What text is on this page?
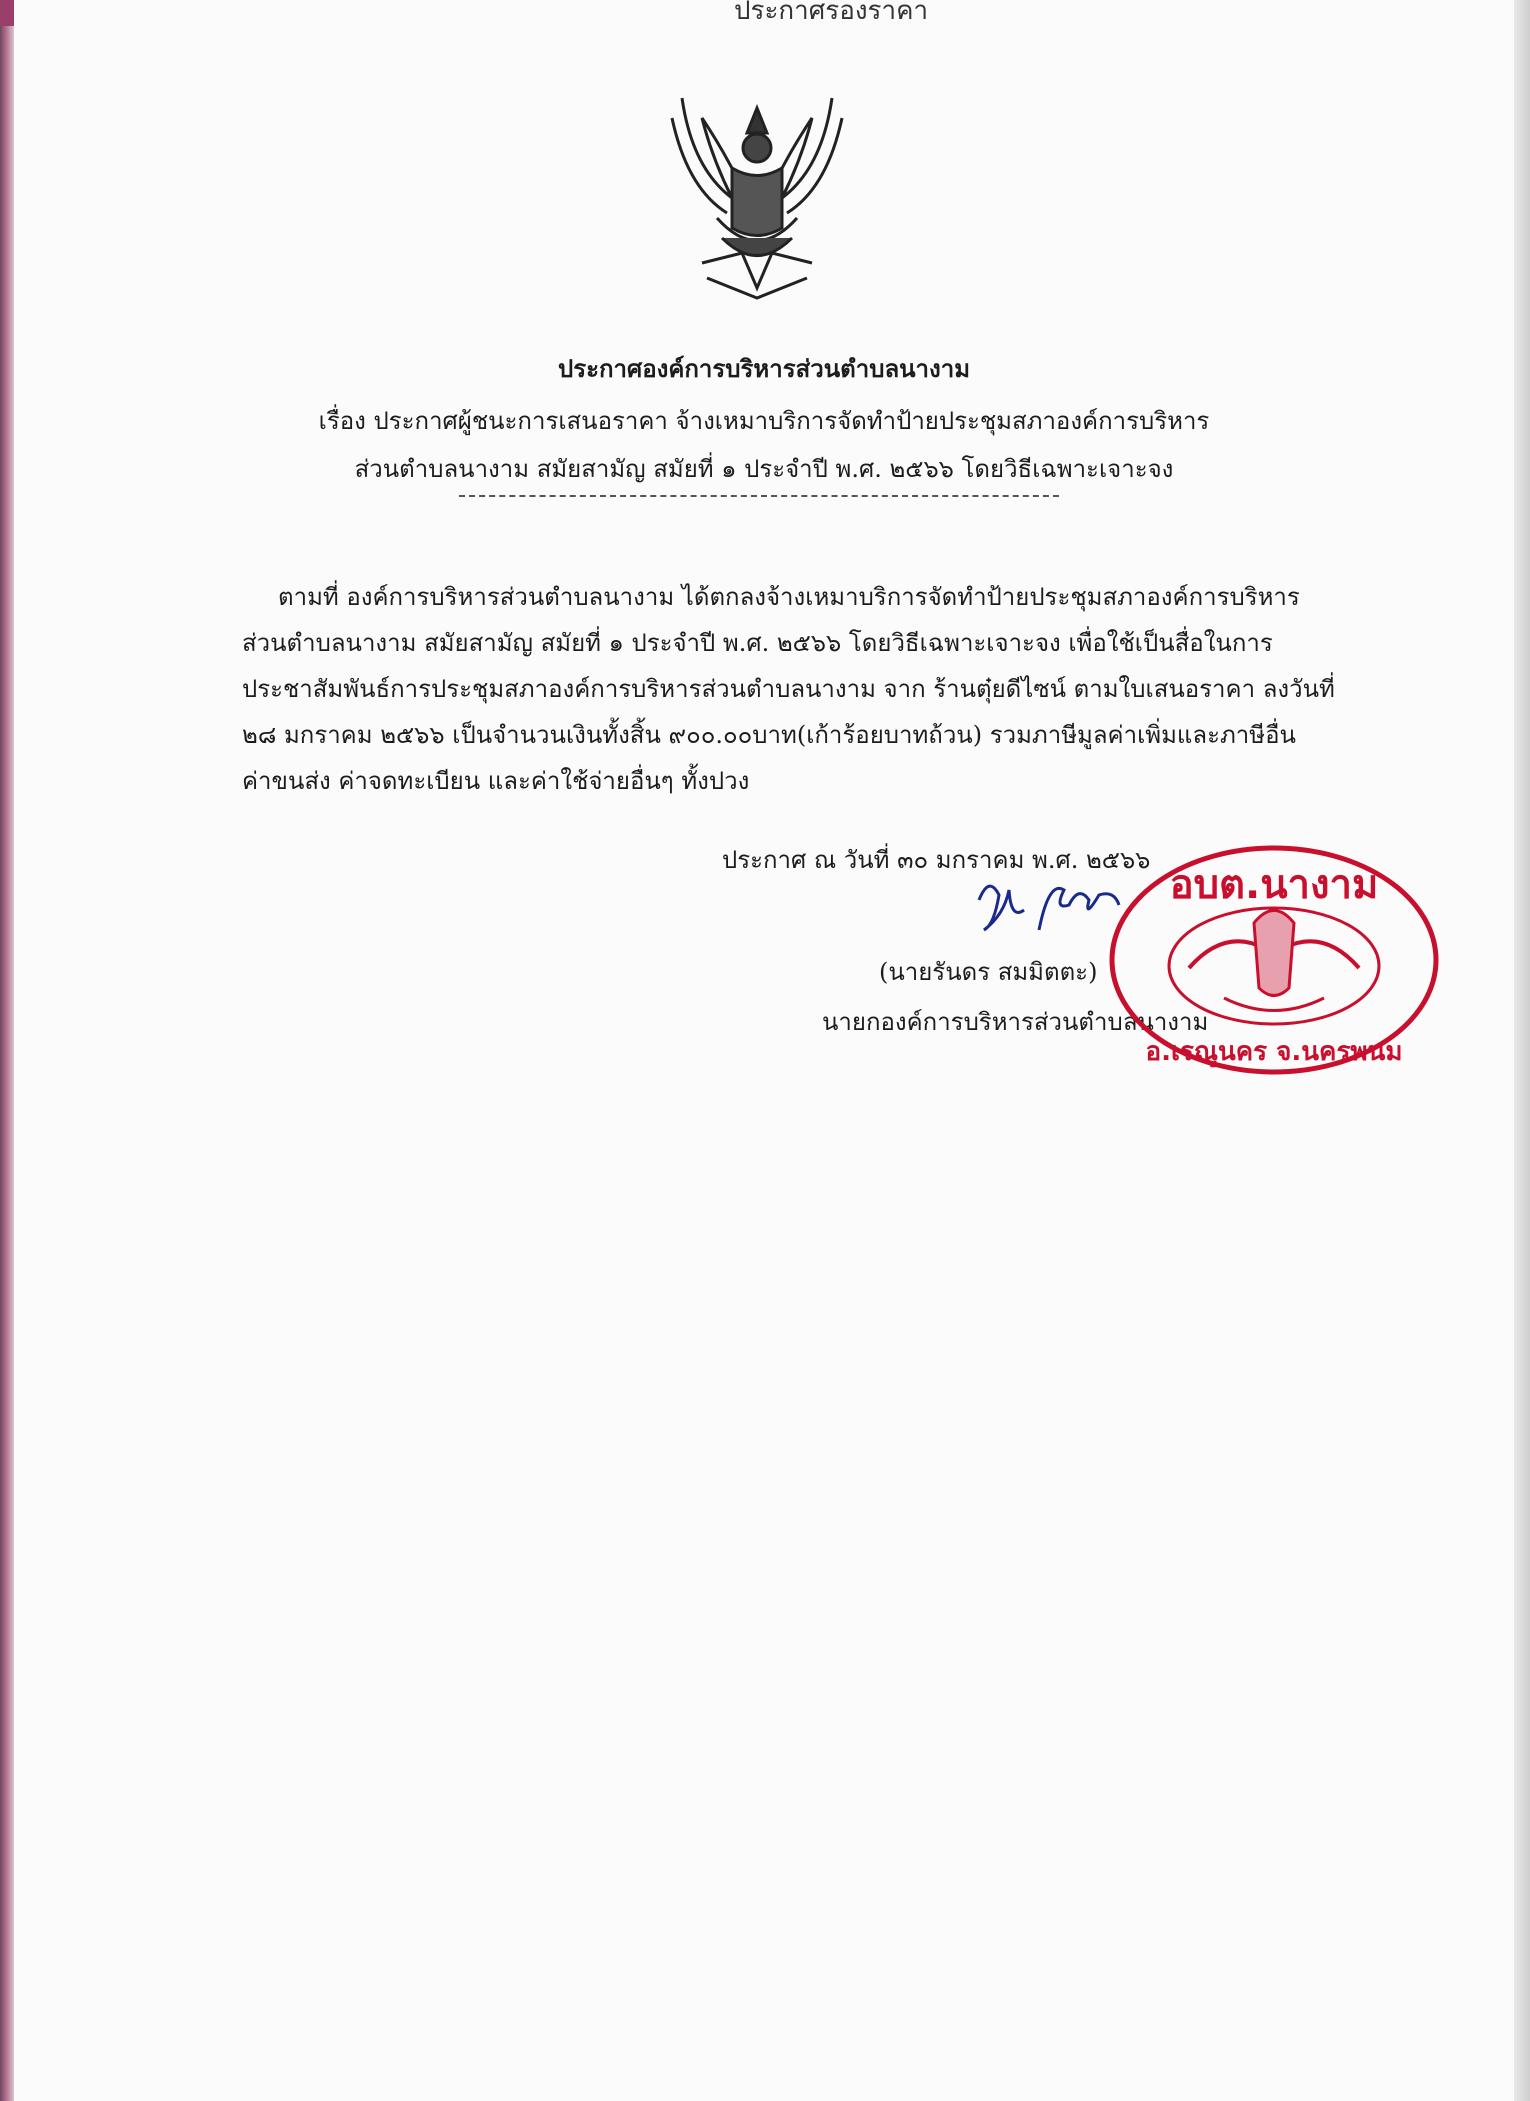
ประกาศรองราคา
ประกาศองค์การบริหารส่วนตำบลนางาม
เรื่อง ประกาศผู้ชนะการเสนอราคา จ้างเหมาบริการจัดทำป้ายประชุมสภาองค์การบริหาร
ส่วนตำบลนางาม สมัยสามัญ สมัยที่ ๑ ประจำปี พ.ศ. ๒๕๖๖ โดยวิธีเฉพาะเจาะจง
ตามที่ องค์การบริหารส่วนตำบลนางาม ได้ตกลงจ้างเหมาบริการจัดทำป้ายประชุมสภาองค์การบริหาร
ส่วนตำบลนางาม สมัยสามัญ สมัยที่ ๑ ประจำปี พ.ศ. ๒๕๖๖ โดยวิธีเฉพาะเจาะจง เพื่อใช้เป็นสื่อในการ
ประชาสัมพันธ์การประชุมสภาองค์การบริหารส่วนตำบลนางาม จาก ร้านตุ๋ยดีไซน์ ตามใบเสนอราคา ลงวันที่
๒๘ มกราคม ๒๕๖๖ เป็นจำนวนเงินทั้งสิ้น ๙๐๐.๐๐บาท(เก้าร้อยบาทถ้วน) รวมภาษีมูลค่าเพิ่มและภาษีอื่น
ค่าขนส่ง ค่าจดทะเบียน และค่าใช้จ่ายอื่นๆ ทั้งปวง
ประกาศ ณ วันที่ ๓๐ มกราคม พ.ศ. ๒๕๖๖
(นายรันดร สมมิตตะ)
นายกองค์การบริหารส่วนตำบลนางาม
อบต.นางาม
อ.เรณูนคร จ.นครพนม
